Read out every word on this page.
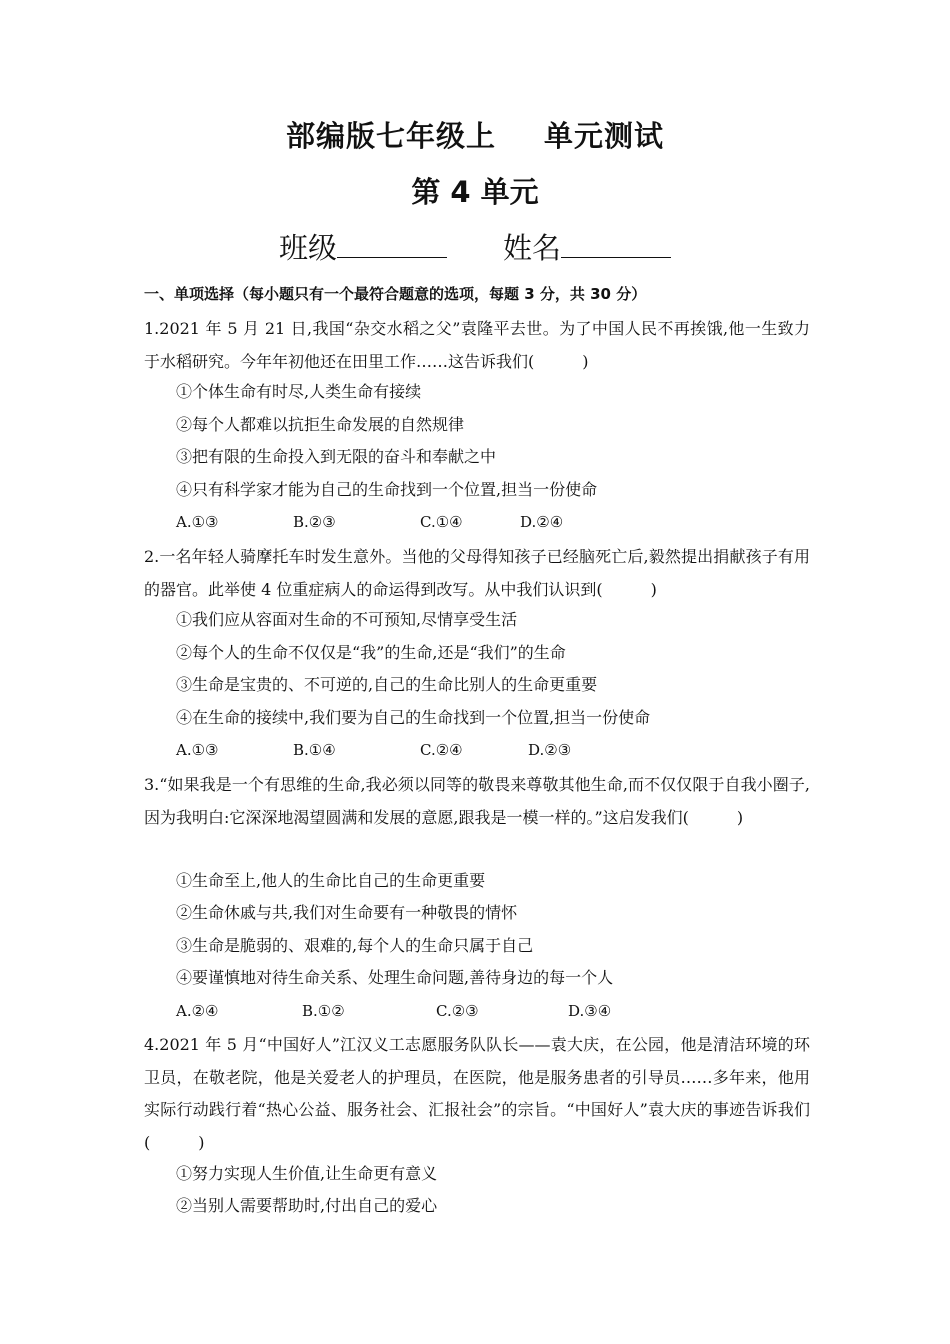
部编版七年级上 单元测试
第 4 单元
班级	姓名
一、单项选择（每小题只有一个最符合题意的选项，每题 3 分，共 30 分）
1.2021 年 5 月 21 日,我国“杂交水稻之父”袁隆平去世。为了中国人民不再挨饿,他一生致力于水稻研究。今年年初他还在田里工作……这告诉我们(　　　)
①个体生命有时尽,人类生命有接续
②每个人都难以抗拒生命发展的自然规律
③把有限的生命投入到无限的奋斗和奉献之中
④只有科学家才能为自己的生命找到一个位置,担当一份使命
A.①③	B.②③	C.①④	D.②④
2.一名年轻人骑摩托车时发生意外。当他的父母得知孩子已经脑死亡后,毅然提出捐献孩子有用的器官。此举使 4 位重症病人的命运得到改写。从中我们认识到(　　　)
①我们应从容面对生命的不可预知,尽情享受生活
②每个人的生命不仅仅是“我”的生命,还是“我们”的生命
③生命是宝贵的、不可逆的,自己的生命比别人的生命更重要
④在生命的接续中,我们要为自己的生命找到一个位置,担当一份使命
A.①③	B.①④	C.②④	D.②③
3.“如果我是一个有思维的生命,我必须以同等的敬畏来尊敬其他生命,而不仅仅限于自我小圈子,因为我明白:它深深地渴望圆满和发展的意愿,跟我是一模一样的。”这启发我们(　　　)
①生命至上,他人的生命比自己的生命更重要
②生命休戚与共,我们对生命要有一种敬畏的情怀
③生命是脆弱的、艰难的,每个人的生命只属于自己
④要谨慎地对待生命关系、处理生命问题,善待身边的每一个人
A.②④	B.①②	C.②③	D.③④
4.2021 年 5 月“中国好人”江汉义工志愿服务队队长——袁大庆，在公园，他是清洁环境的环卫员，在敬老院，他是关爱老人的护理员，在医院，他是服务患者的引导员……多年来，他用实际行动践行着“热心公益、服务社会、汇报社会”的宗旨。“中国好人”袁大庆的事迹告诉我们(　　　)
①努力实现人生价值,让生命更有意义
②当别人需要帮助时,付出自己的爱心
